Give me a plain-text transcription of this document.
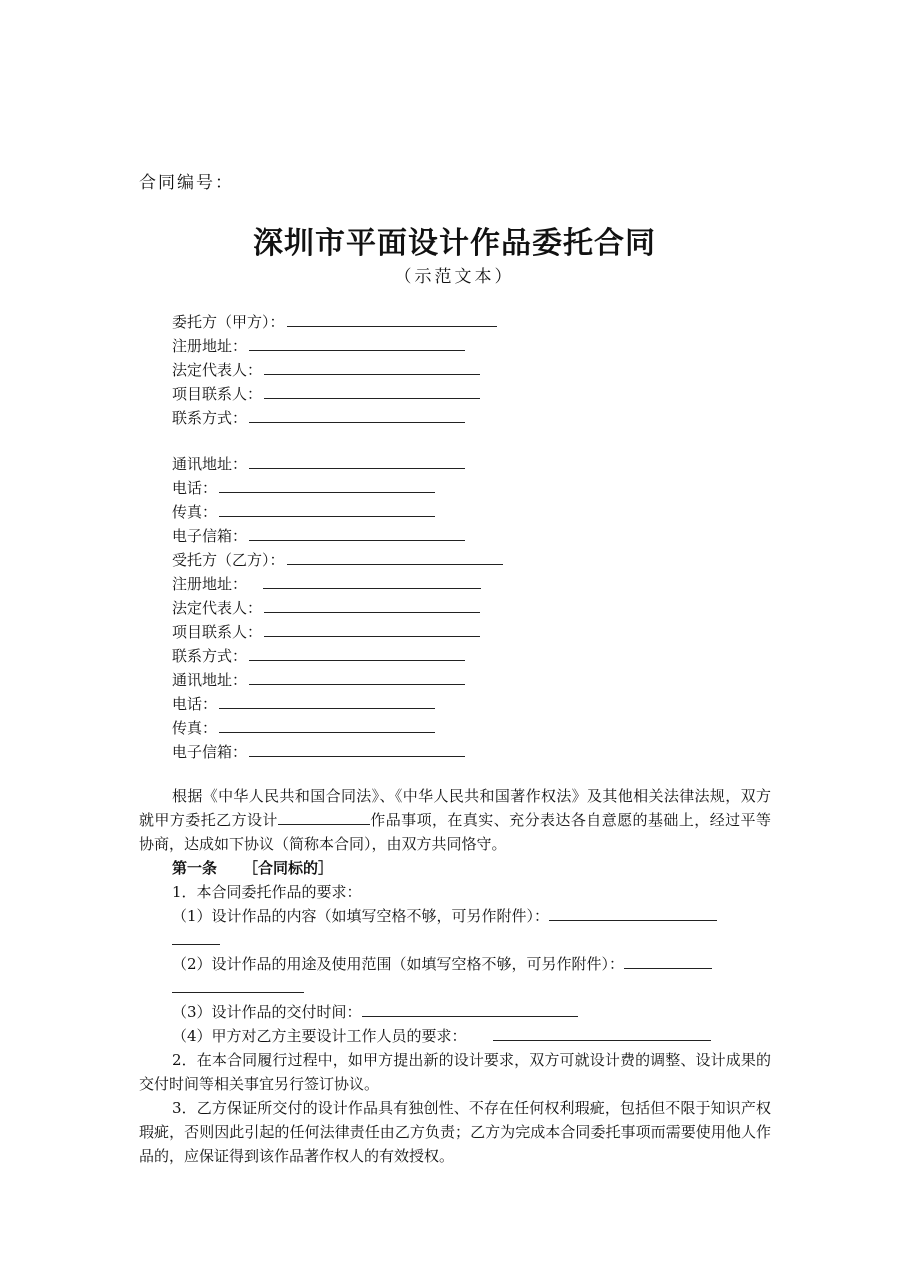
合同编号：
深圳市平面设计作品委托合同
（示范文本）
委托方（甲方）：
注册地址：
法定代表人：
项目联系人：
联系方式：
通讯地址：
电话：
传真：
电子信箱：
受托方（乙方）：
注册地址：
法定代表人：
项目联系人：
联系方式：
通讯地址：
电话：
传真：
电子信箱：

根据《中华人民共和国合同法》、《中华人民共和国著作权法》及其他相关法律法规，双方就甲方委托乙方设计	作品事项，在真实、充分表达各自意愿的基础上，经过平等协商，达成如下协议（简称本合同），由双方共同恪守。

第一条 ［合同标的］

1．本合同委托作品的要求：

（1）设计作品的内容（如填写空格不够，可另作附件）：

（2）设计作品的用途及使用范围（如填写空格不够，可另作附件）：

（3）设计作品的交付时间：

（4）甲方对乙方主要设计工作人员的要求：

2．在本合同履行过程中，如甲方提出新的设计要求，双方可就设计费的调整、设计成果的交付时间等相关事宜另行签订协议。

3．乙方保证所交付的设计作品具有独创性、不存在任何权利瑕疵，包括但不限于知识产权瑕疵，否则因此引起的任何法律责任由乙方负责；乙方为完成本合同委托事项而需要使用他人作品的，应保证得到该作品著作权人的有效授权。
